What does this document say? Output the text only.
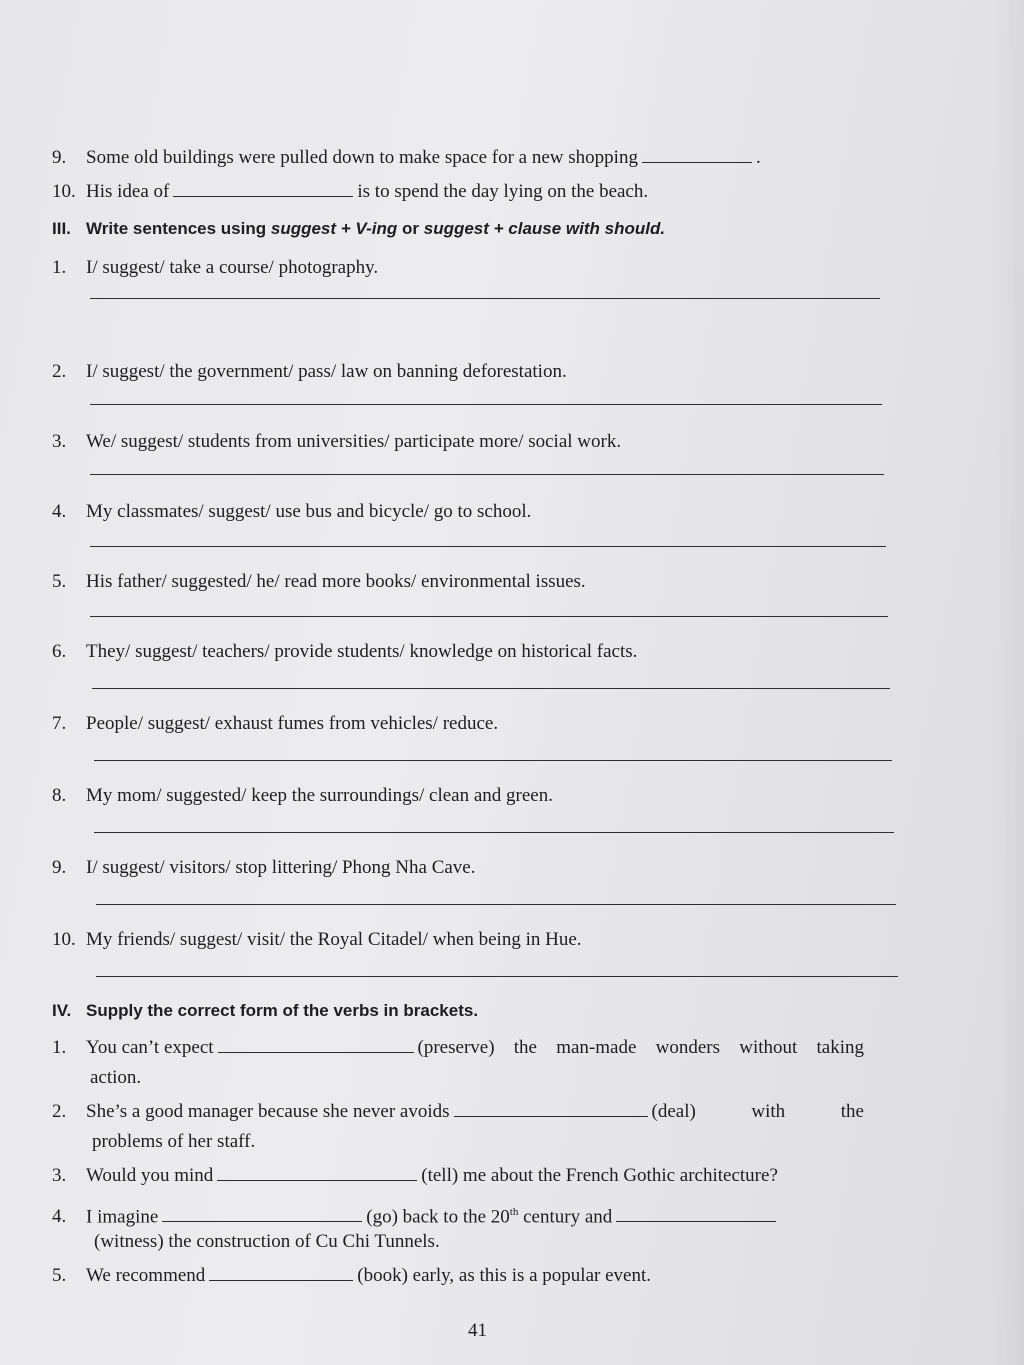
9. Some old buildings were pulled down to make space for a new shopping	.
10. His idea of	is to spend the day lying on the beach.
III. Write sentences using suggest + V-ing or suggest + clause with should.
1. I/ suggest/ take a course/ photography.
2. I/ suggest/ the government/ pass/ law on banning deforestation.
3. We/ suggest/ students from universities/ participate more/ social work.
4. My classmates/ suggest/ use bus and bicycle/ go to school.
5. His father/ suggested/ he/ read more books/ environmental issues.
6. They/ suggest/ teachers/ provide students/ knowledge on historical facts.
7. People/ suggest/ exhaust fumes from vehicles/ reduce.
8. My mom/ suggested/ keep the surroundings/ clean and green.
9. I/ suggest/ visitors/ stop littering/ Phong Nha Cave.
10. My friends/ suggest/ visit/ the Royal Citadel/ when being in Hue.
IV. Supply the correct form of the verbs in brackets.
1. You can’t expect	(preserve) the man-made wonders without taking
action.
2. She’s a good manager because she never avoids	(deal)	with	the
problems of her staff.
3. Would you mind	(tell) me about the French Gothic architecture?
4. I imagine	(go) back to the 20th century and
(witness) the construction of Cu Chi Tunnels.
5. We recommend	(book) early, as this is a popular event.
41
